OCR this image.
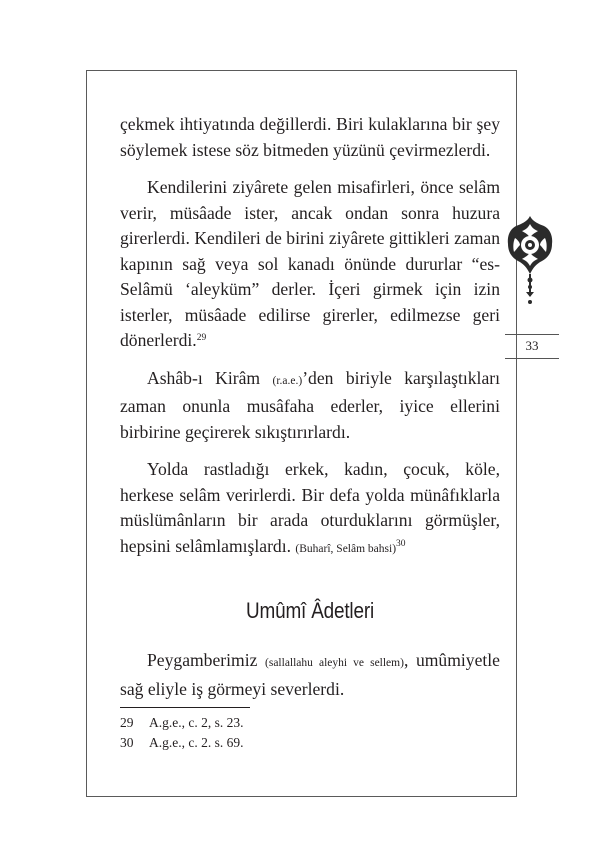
çekmek ihtiyatında değillerdi. Biri kulaklarına bir şey söylemek istese söz bitmeden yüzünü çevirmezlerdi.

Kendilerini ziyârete gelen misafirleri, önce selâm verir, müsâade ister, ancak ondan sonra huzura girerlerdi. Kendileri de birini ziyârete gittikleri zaman kapının sağ veya sol kanadı önünde dururlar “es-Selâmü ‘aleyküm” derler. İçeri girmek için izin isterler, müsâade edilirse girerler, edilmezse geri dönerlerdi.$^{29}$

Ashâb-ı Kirâm (r.a.e.)’den biriyle karşılaştıkları zaman onunla musâfaha ederler, iyice ellerini birbirine geçirerek sıkıştırırlardı.

Yolda rastladığı erkek, kadın, çocuk, köle, herkese selâm verirlerdi. Bir defa yolda münâfıklarla müslümânların bir arada oturduklarını görmüşler, hepsini selâmlamışlardı. (Buharî, Selâm bahsi)$^{30}$

Umûmî Âdetleri

Peygamberimiz (sallallahu aleyhi ve sellem), umûmiyetle sağ eliyle iş görmeyi severlerdi.

29	A.g.e., c. 2, s. 23.
30	A.g.e., c. 2. s. 69.
33
